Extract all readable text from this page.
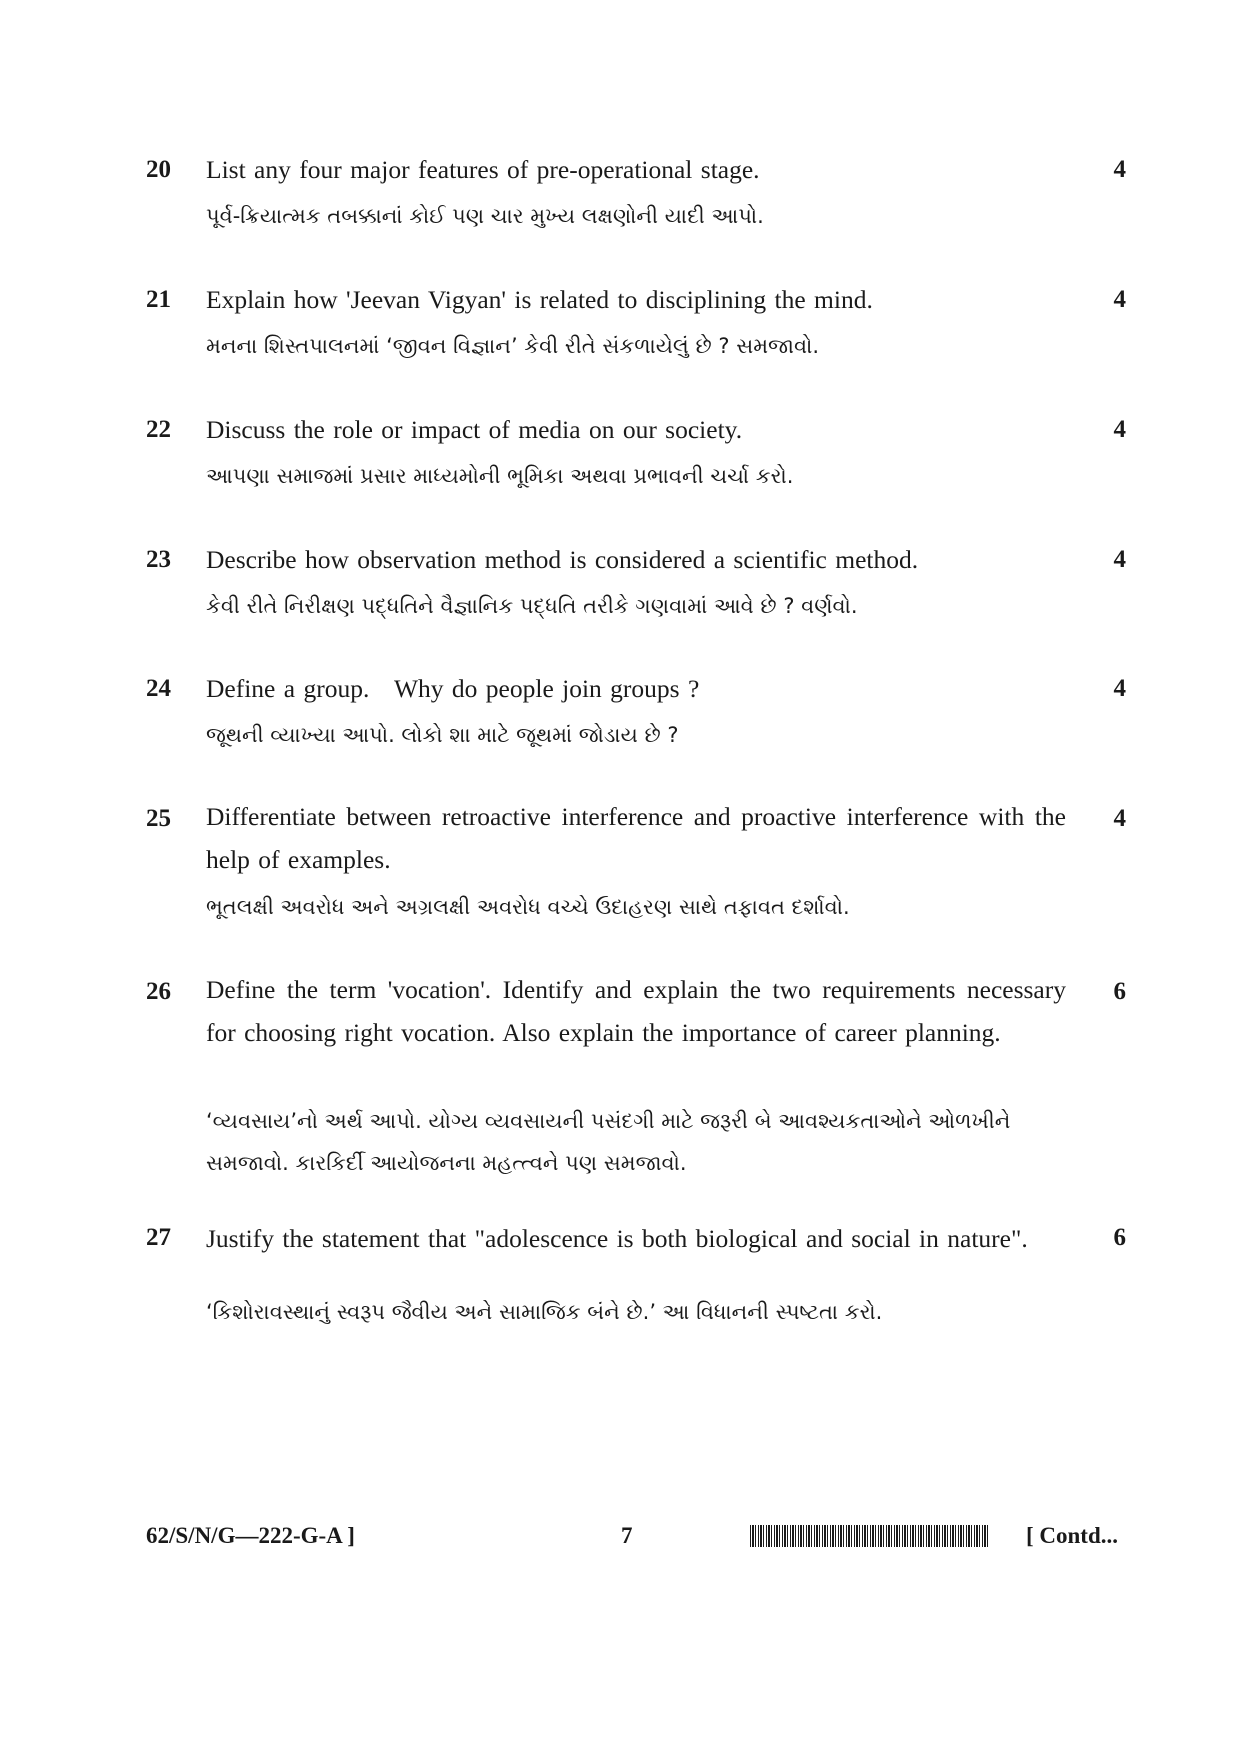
20 List any four major features of pre-operational stage.
પૂર્વ-ક્રિયાત્મક તબક્કાનાં કોઈ પણ ચાર મુખ્ય લક્ષણોની યાદી આપો.
4
21 Explain how 'Jeevan Vigyan' is related to disciplining the mind.
મનના શિસ્તપાલનમાં ‘જીવન વિજ્ઞાન’ કેવી રીતે સંકળાયેલું છે ? સમજાવો.
4
22 Discuss the role or impact of media on our society.
આપણા સમાજમાં પ્રસાર માધ્યમોની ભૂમિકા અથવા પ્રભાવની ચર્ચા કરો.
4
23 Describe how observation method is considered a scientific method.
કેવી રીતે નિરીક્ષણ પદ્ધતિને વૈજ્ઞાનિક પદ્ધતિ તરીકે ગણવામાં આવે છે ? વર્ણવો.
4
24 Define a group.   Why do people join groups ?
જૂથની વ્યાખ્યા આપો. લોકો શા માટે જૂથમાં જોડાય છે ?
4
25 Differentiate between retroactive interference and proactive interference with the help of examples.
ભૂતલક્ષી અવરોધ અને અગ્રલક્ષી અવરોધ વચ્ચે ઉદાહરણ સાથે તફાવત દર્શાવો.
4
26 Define the term 'vocation'. Identify and explain the two requirements necessary for choosing right vocation. Also explain the importance of career planning.
‘વ્યવસાય’નો અર્થ આપો. યોગ્ય વ્યવસાયની પસંદગી માટે જરૂરી બે આવશ્યકતાઓને ઓળખીને સમજાવો. કારકિર્દી આયોજનના મહત્ત્વને પણ સમજાવો.
6
27 Justify the statement that "adolescence is both biological and social in nature".
‘કિશોરાવસ્થાનું સ્વરૂપ જૈવીય અને સામાજિક બંને છે.’ આ વિધાનની સ્પષ્ટતા કરો.
6
62/S/N/G—222-G-A ]	7	[ Contd...
